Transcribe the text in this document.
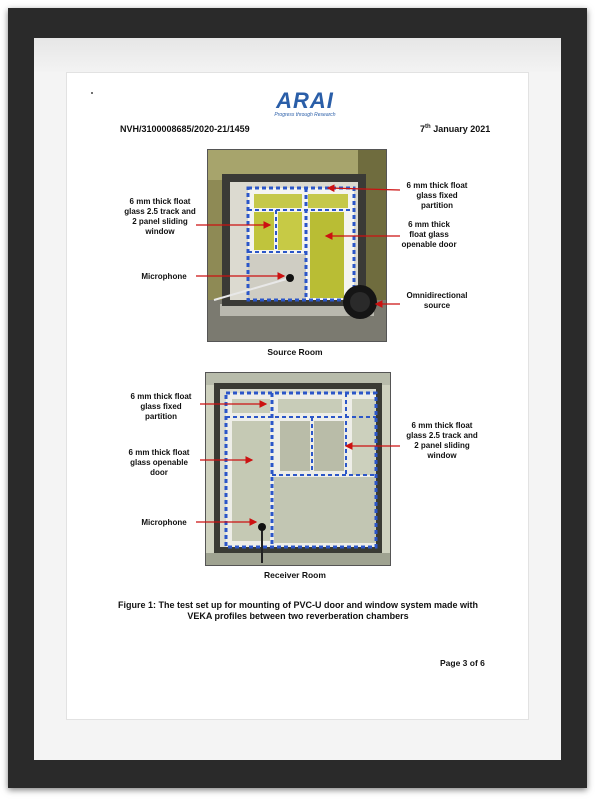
ARAI
Progress through Research
NVH/3100008685/2020-21/1459	7th January 2021
6 mm thick float
glass 2.5 track and
2 panel sliding
window
Microphone
6 mm thick float
glass fixed
partition
6 mm thick
float glass
openable door
Omnidirectional
source
Source Room
6 mm thick float
glass fixed
partition
6 mm thick float
glass openable
door
Microphone
6 mm thick float
glass 2.5 track and
2 panel sliding
window
Receiver Room
Figure 1: The test set up for mounting of PVC-U door and window system made with
VEKA profiles between two reverberation chambers
Page 3 of 6
